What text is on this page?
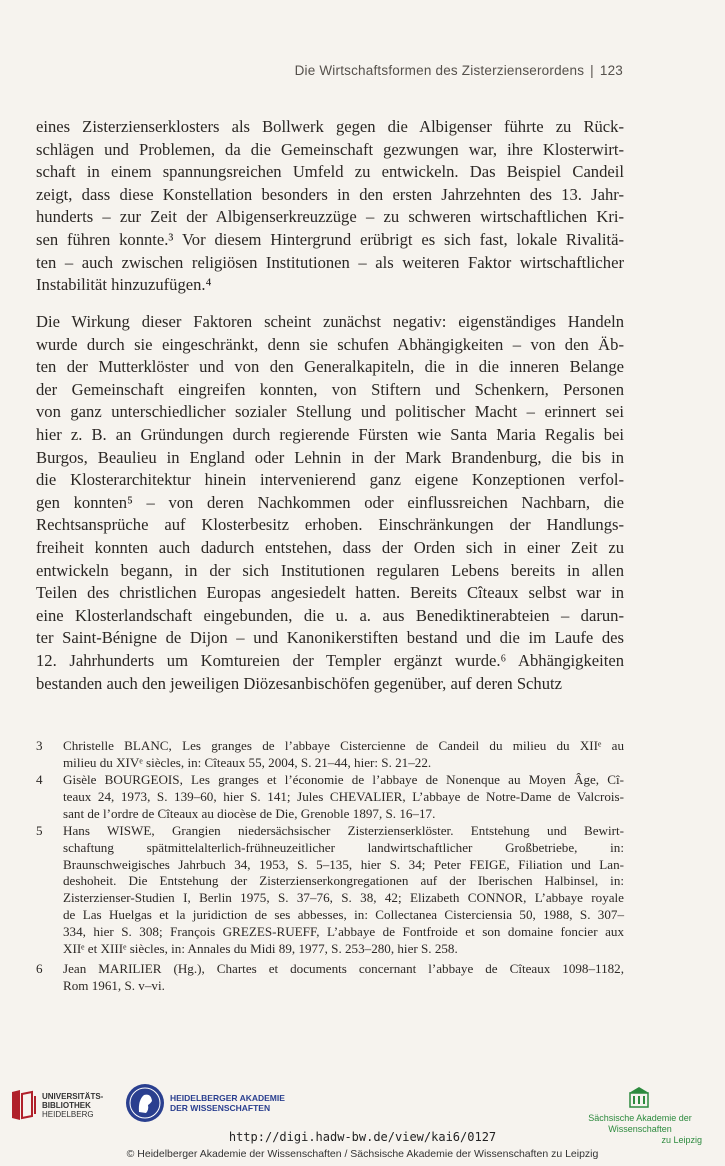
Die Wirtschaftsformen des Zisterzienserordens | 123
eines Zisterzienserklosters als Bollwerk gegen die Albigenser führte zu Rück-
schlägen und Problemen, da die Gemeinschaft gezwungen war, ihre Klosterwirt-
schaft in einem spannungsreichen Umfeld zu entwickeln. Das Beispiel Candeil
zeigt, dass diese Konstellation besonders in den ersten Jahrzehnten des 13. Jahr-
hunderts – zur Zeit der Albigenserkreuzzüge – zu schweren wirtschaftlichen Kri-
sen führen konnte.³ Vor diesem Hintergrund erübrigt es sich fast, lokale Rivalitä-
ten – auch zwischen religiösen Institutionen – als weiteren Faktor wirtschaftlicher
Instabilität hinzuzufügen.⁴
Die Wirkung dieser Faktoren scheint zunächst negativ: eigenständiges Handeln
wurde durch sie eingeschränkt, denn sie schufen Abhängigkeiten – von den Äb-
ten der Mutterklöster und von den Generalkapiteln, die in die inneren Belange
der Gemeinschaft eingreifen konnten, von Stiftern und Schenkern, Personen
von ganz unterschiedlicher sozialer Stellung und politischer Macht – erinnert sei
hier z. B. an Gründungen durch regierende Fürsten wie Santa Maria Regalis bei
Burgos, Beaulieu in England oder Lehnin in der Mark Brandenburg, die bis in
die Klosterarchitektur hinein intervenierend ganz eigene Konzeptionen verfol-
gen konnten⁵ – von deren Nachkommen oder einflussreichen Nachbarn, die
Rechtsansprüche auf Klosterbesitz erhoben. Einschränkungen der Handlungs-
freiheit konnten auch dadurch entstehen, dass der Orden sich in einer Zeit zu
entwickeln begann, in der sich Institutionen regularen Lebens bereits in allen
Teilen des christlichen Europas angesiedelt hatten. Bereits Cîteaux selbst war in
eine Klosterlandschaft eingebunden, die u. a. aus Benediktinerabteien – darun-
ter Saint-Bénigne de Dijon – und Kanonikerstiften bestand und die im Laufe des
12. Jahrhunderts um Komtureien der Templer ergänzt wurde.⁶ Abhängigkeiten
bestanden auch den jeweiligen Diözesanbischöfen gegenüber, auf deren Schutz
3	Christelle BLANC, Les granges de l’abbaye Cistercienne de Candeil du milieu du XIIᵉ au
milieu du XIVᵉ siècles, in: Cîteaux 55, 2004, S. 21–44, hier: S. 21–22.
4	Gisèle BOURGEOIS, Les granges et l’économie de l’abbaye de Nonenque au Moyen Âge, Cî-
teaux 24, 1973, S. 139–60, hier S. 141; Jules CHEVALIER, L’abbaye de Notre-Dame de Valcrois-
sant de l’ordre de Cîteaux au diocèse de Die, Grenoble 1897, S. 16–17.
5	Hans WISWE, Grangien niedersächsischer Zisterzienserklöster. Entstehung und Bewirt-
schaftung spätmittelalterlich-frühneuzeitlicher landwirtschaftlicher Großbetriebe, in:
Braunschweigisches Jahrbuch 34, 1953, S. 5–135, hier S. 34; Peter FEIGE, Filiation und Lan-
deshoheit. Die Entstehung der Zisterzienserkongregationen auf der Iberischen Halbinsel, in:
Zisterzienser-Studien I, Berlin 1975, S. 37–76, S. 38, 42; Elizabeth CONNOR, L’abbaye royale
de Las Huelgas et la juridiction de ses abbesses, in: Collectanea Cisterciensia 50, 1988, S. 307–
334, hier S. 308; François GREZES-RUEFF, L’abbaye de Fontfroide et son domaine foncier aux
XIIᵉ et XIIIᵉ siècles, in: Annales du Midi 89, 1977, S. 253–280, hier S. 258.
6	Jean MARILIER (Hg.), Chartes et documents concernant l’abbaye de Cîteaux 1098–1182,
Rom 1961, S. v–vi.
UNIVERSITÄTS-
BIBLIOTHEK
HEIDELBERG
HEIDELBERGER AKADEMIE
DER WISSENSCHAFTEN
Sächsische Akademie der Wissenschaften
zu Leipzig
http://digi.hadw-bw.de/view/kai6/0127
© Heidelberger Akademie der Wissenschaften / Sächsische Akademie der Wissenschaften zu Leipzig
